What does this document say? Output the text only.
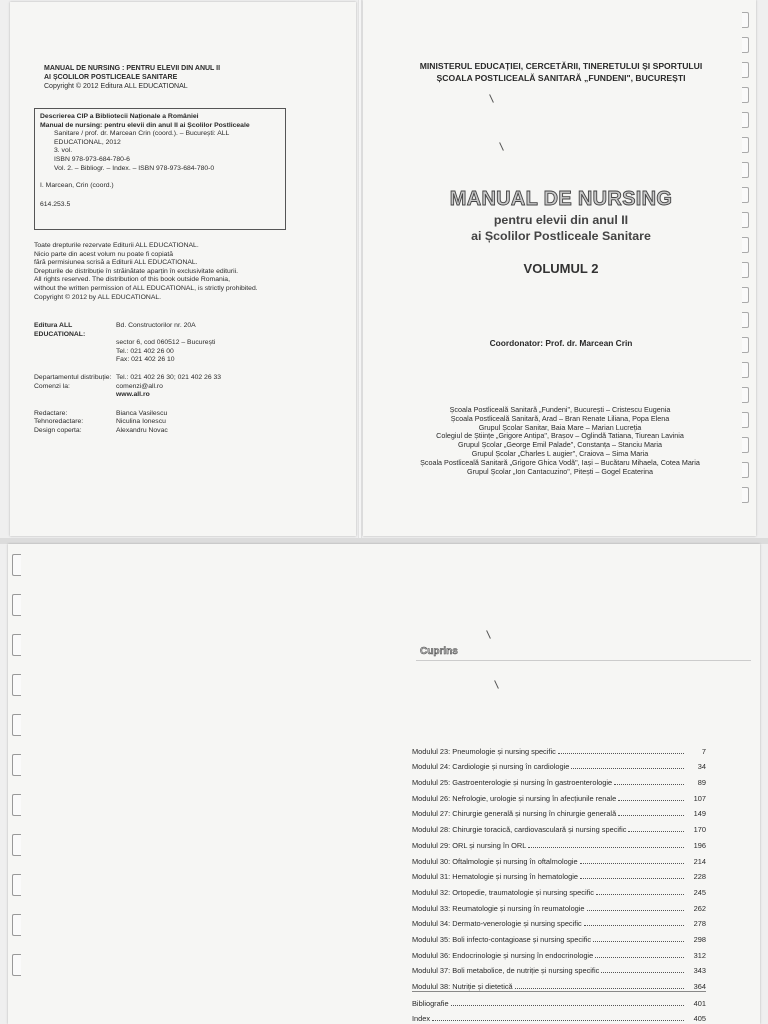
MANUAL DE NURSING : PENTRU ELEVII DIN ANUL II
AI ȘCOLILOR POSTLICEALE SANITARE
Copyright © 2012 Editura ALL EDUCATIONAL
Descrierea CIP a Bibliotecii Naționale a României
Manual de nursing: pentru elevii din anul II ai Școlilor Postliceale
Sanitare / prof. dr. Marcean Crin (coord.). – București: ALL
EDUCATIONAL, 2012
3. vol.
ISBN 978-973-684-780-6
Vol. 2. – Bibliogr. – Index. – ISBN 978-973-684-780-0
I. Marcean, Crin (coord.)
614.253.5
Toate drepturile rezervate Editurii ALL EDUCATIONAL.
Nicio parte din acest volum nu poate fi copiată
fără permisiunea scrisă a Editurii ALL EDUCATIONAL.
Drepturile de distribuție în străinătate aparțin în exclusivitate editurii.
All rights reserved. The distribution of this book outside Romania,
without the written permission of ALL EDUCATIONAL, is strictly prohibited.
Copyright © 2012 by ALL EDUCATIONAL.
Editura ALL EDUCATIONAL:
Bd. Constructorilor nr. 20A
sector 6, cod 060512 – București
Tel.: 021 402 26 00
Fax: 021 402 26 10
Departamentul distribuție: Tel.: 021 402 26 30; 021 402 26 33
Comenzi la:	comenzi@all.ro
www.all.ro
Redactare:	Bianca Vasilescu
Tehnoredactare:	Niculina Ionescu
Design coperta:	Alexandru Novac
MINISTERUL EDUCAȚIEI, CERCETĂRII, TINERETULUI ȘI SPORTULUI
ȘCOALA POSTLICEALĂ SANITARĂ „FUNDENI", BUCUREȘTI
MANUAL DE NURSING
pentru elevii din anul II
ai Școlilor Postliceale Sanitare
VOLUMUL 2
Coordonator: Prof. dr. Marcean Crin
Școala Postliceală Sanitară „Fundeni", București – Cristescu Eugenia
Școala Postliceală Sanitară, Arad – Bran Renate Liliana, Popa Elena
Grupul Școlar Sanitar, Baia Mare – Marian Lucreția
Colegiul de Științe „Grigore Antipa", Brașov – Oglindă Tatiana, Tiurean Lavinia
Grupul Școlar „George Emil Palade", Constanța – Stanciu Maria
Grupul Școlar „Charles L augier", Craiova – Sima Maria
Școala Postliceală Sanitară „Grigore Ghica Vodă", Iași – Bucătaru Mihaela, Cotea Maria
Grupul Școlar „Ion Cantacuzino", Pitești – Gogel Ecaterina
Cuprins
Modulul 23: Pneumologie și nursing specific	7
Modulul 24: Cardiologie și nursing în cardiologie	34
Modulul 25: Gastroenterologie și nursing în gastroenterologie	89
Modulul 26: Nefrologie, urologie și nursing în afecțiunile renale	107
Modulul 27: Chirurgie generală și nursing în chirurgie generală	149
Modulul 28: Chirurgie toracică, cardiovasculară și nursing specific	170
Modulul 29: ORL și nursing în ORL	196
Modulul 30: Oftalmologie și nursing în oftalmologie	214
Modulul 31: Hematologie și nursing în hematologie	228
Modulul 32: Ortopedie, traumatologie și nursing specific	245
Modulul 33: Reumatologie și nursing în reumatologie	262
Modulul 34: Dermato-venerologie și nursing specific	278
Modulul 35: Boli infecto-contagioase și nursing specific	298
Modulul 36: Endocrinologie și nursing în endocrinologie	312
Modulul 37: Boli metabolice, de nutriție și nursing specific	343
Modulul 38: Nutriție și dietetică	364
Bibliografie	401
Index	405
